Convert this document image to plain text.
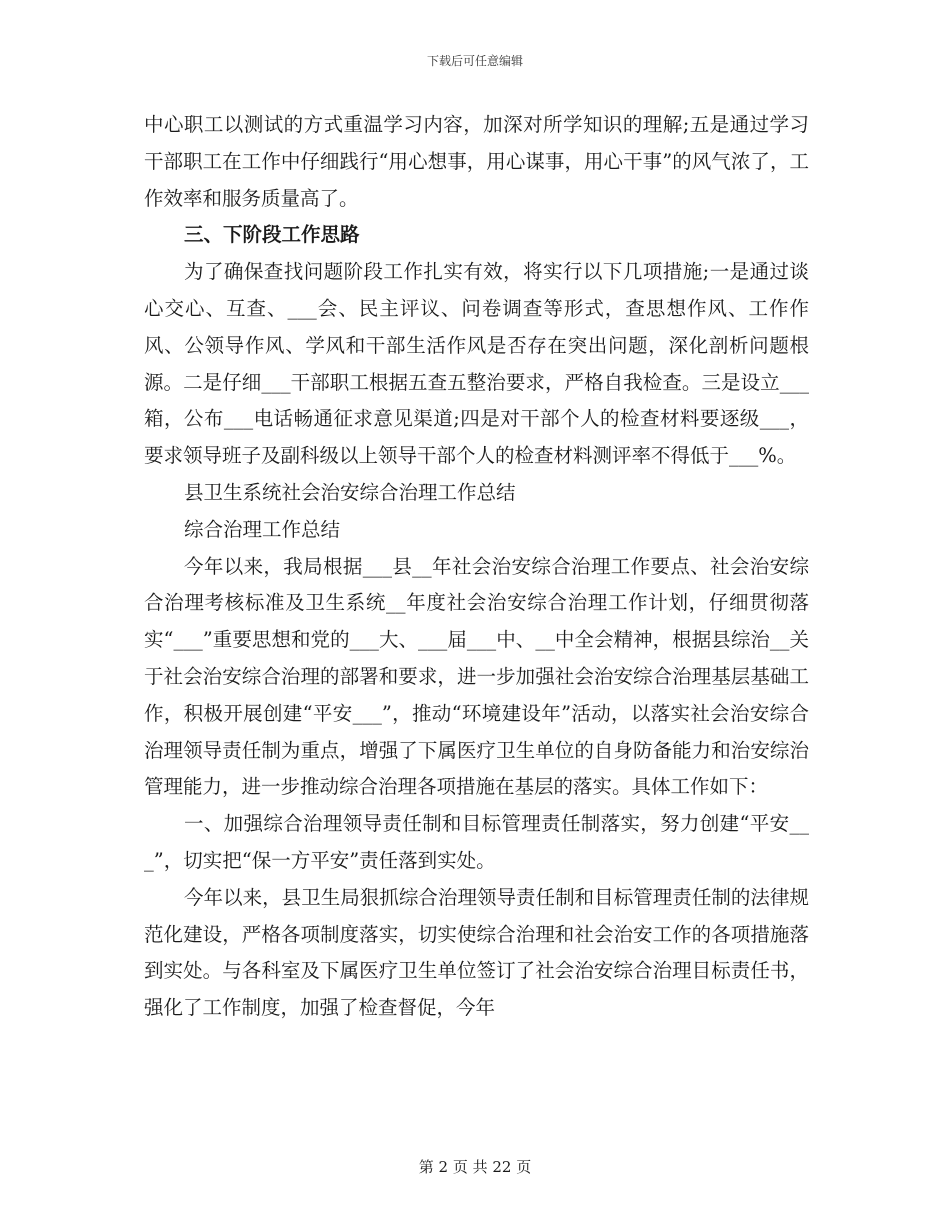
下载后可任意编辑

中心职工以测试的方式重温学习内容，加深对所学知识的理解;五是通过学习干部职工在工作中仔细践行“用心想事，用心谋事，用心干事”的风气浓了，工作效率和服务质量高了。

三、下阶段工作思路

为了确保查找问题阶段工作扎实有效，将实行以下几项措施;一是通过谈心交心、互查、___会、民主评议、问卷调查等形式，查思想作风、工作作风、公领导作风、学风和干部生活作风是否存在突出问题，深化剖析问题根源。二是仔细___干部职工根据五查五整治要求，严格自我检查。三是设立___箱，公布___电话畅通征求意见渠道;四是对干部个人的检查材料要逐级___，要求领导班子及副科级以上领导干部个人的检查材料测评率不得低于___%。

县卫生系统社会治安综合治理工作总结

综合治理工作总结

今年以来，我局根据___县__年社会治安综合治理工作要点、社会治安综合治理考核标准及卫生系统__年度社会治安综合治理工作计划，仔细贯彻落实“___”重要思想和党的___大、___届___中、__中全会精神，根据县综治__关于社会治安综合治理的部署和要求，进一步加强社会治安综合治理基层基础工作，积极开展创建“平安___”，推动“环境建设年”活动，以落实社会治安综合治理领导责任制为重点，增强了下属医疗卫生单位的自身防备能力和治安综治管理能力，进一步推动综合治理各项措施在基层的落实。具体工作如下：

一、加强综合治理领导责任制和目标管理责任制落实，努力创建“平安___”，切实把“保一方平安”责任落到实处。

今年以来，县卫生局狠抓综合治理领导责任制和目标管理责任制的法律规范化建设，严格各项制度落实，切实使综合治理和社会治安工作的各项措施落到实处。与各科室及下属医疗卫生单位签订了社会治安综合治理目标责任书，强化了工作制度，加强了检查督促，今年

第 2 页 共 22 页
